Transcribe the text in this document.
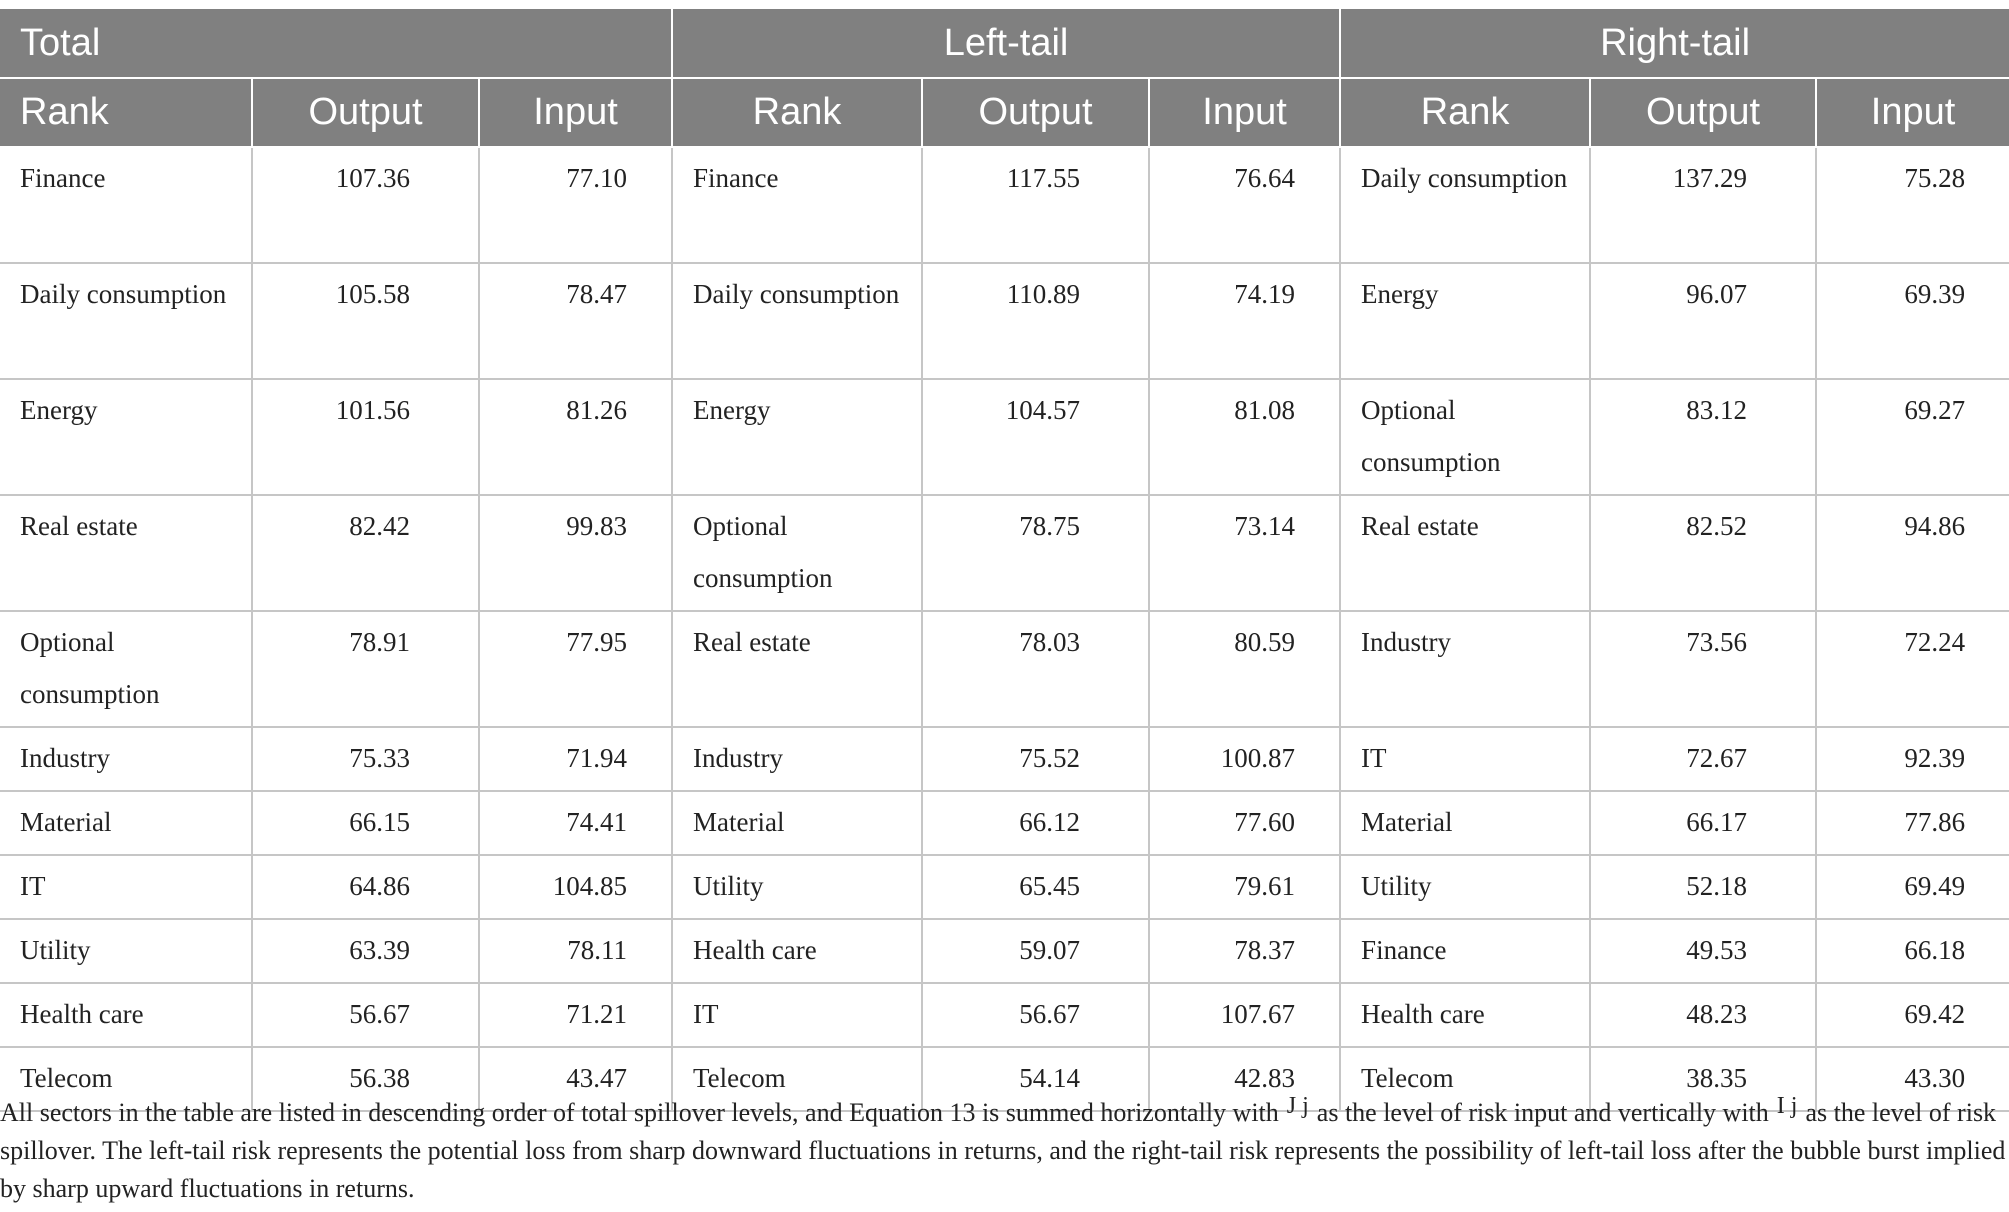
Total			Left-tail			Right-tail		
Rank	Output	Input	Rank	Output	Input	Rank	Output	Input
Finance	107.36	77.10	Finance	117.55	76.64	Daily consumption	137.29	75.28
Daily consumption	105.58	78.47	Daily consumption	110.89	74.19	Energy	96.07	69.39
Energy	101.56	81.26	Energy	104.57	81.08	Optional consumption	83.12	69.27
Real estate	82.42	99.83	Optional consumption	78.75	73.14	Real estate	82.52	94.86
Optional consumption	78.91	77.95	Real estate	78.03	80.59	Industry	73.56	72.24
Industry	75.33	71.94	Industry	75.52	100.87	IT	72.67	92.39
Material	66.15	74.41	Material	66.12	77.60	Material	66.17	77.86
IT	64.86	104.85	Utility	65.45	79.61	Utility	52.18	69.49
Utility	63.39	78.11	Health care	59.07	78.37	Finance	49.53	66.18
Health care	56.67	71.21	IT	56.67	107.67	Health care	48.23	69.42
Telecom	56.38	43.47	Telecom	54.14	42.83	Telecom	38.35	43.30

All sectors in the table are listed in descending order of total spillover levels, and Equation 13 is summed horizontally with J j as the level of risk input and vertically with I j as the level of risk spillover. The left-tail risk represents the potential loss from sharp downward fluctuations in returns, and the right-tail risk represents the possibility of left-tail loss after the bubble burst implied by sharp upward fluctuations in returns.
